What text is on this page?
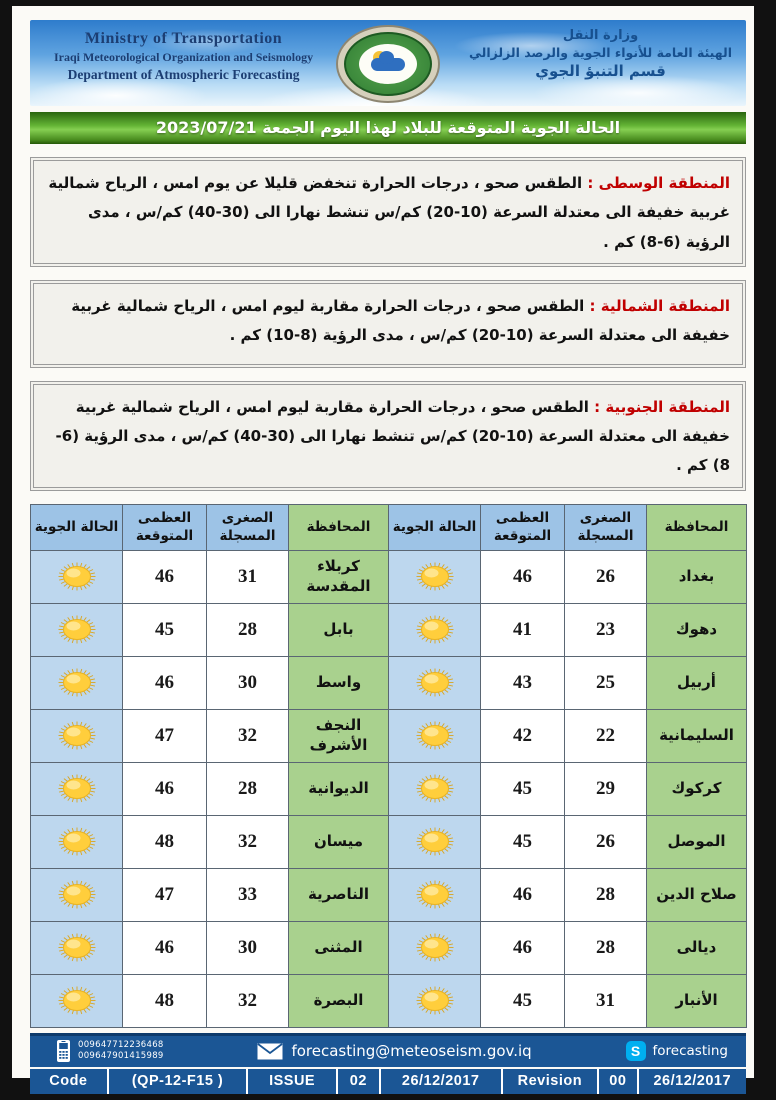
Ministry of Transportation
Iraqi Meteorological Organization and Seismology
Department of Atmospheric Forecasting
وزارة النقل
الهيئة العامة للأنواء الجوية والرصد الزلزالي
قسم التنبؤ الجوي
الحالة الجوية المتوقعة للبلاد لهذا اليوم الجمعة 2023/07/21
المنطقة الوسطى : الطقس صحو ، درجات الحرارة تنخفض قليلا عن يوم امس ، الرياح شمالية غربية خفيفة الى معتدلة السرعة (10-20) كم/س تنشط نهارا الى (30-40) كم/س ، مدى الرؤية (6-8) كم .
المنطقة الشمالية : الطقس صحو ، درجات الحرارة مقاربة ليوم امس ، الرياح شمالية غربية خفيفة الى معتدلة السرعة (10-20) كم/س ، مدى الرؤية (8-10) كم .
المنطقة الجنوبية : الطقس صحو ، درجات الحرارة مقاربة ليوم امس ، الرياح شمالية غربية خفيفة الى معتدلة السرعة (10-20) كم/س تنشط نهارا الى (30-40) كم/س ، مدى الرؤية (6-8) كم .
المحافظة	الصغرى المسجلة	العظمى المتوقعة	الحالة الجوية	المحافظة	الصغرى المسجلة	العظمى المتوقعة	الحالة الجوية
بغداد	26	46		كربلاء المقدسة	31	46	
دهوك	23	41		بابل	28	45	
أربيل	25	43		واسط	30	46	
السليمانية	22	42		النجف الأشرف	32	47	
كركوك	29	45		الديوانية	28	46	
الموصل	26	45		ميسان	32	48	
صلاح الدين	28	46		الناصرية	33	47	
ديالى	28	46		المثنى	30	46	
الأنبار	31	45		البصرة	32	48	
009647712236468
009647901415989	forecasting@meteoseism.gov.iq	S forecasting
Code	(QP-12-F15 )	ISSUE	02	26/12/2017	Revision	00	26/12/2017
